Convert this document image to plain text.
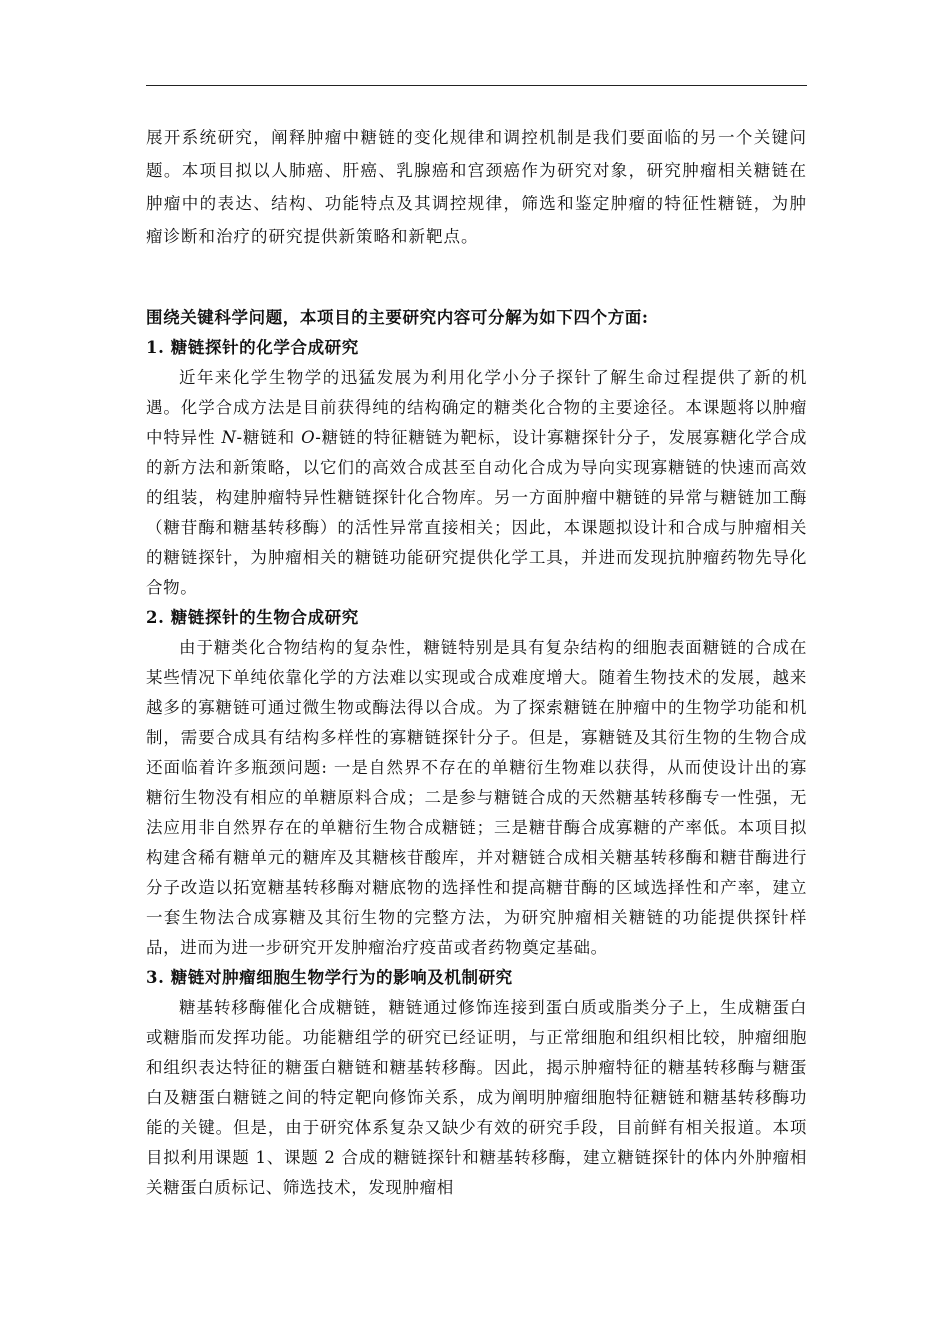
展开系统研究，阐释肿瘤中糖链的变化规律和调控机制是我们要面临的另一个关键问题。本项目拟以人肺癌、肝癌、乳腺癌和宫颈癌作为研究对象，研究肿瘤相关糖链在肿瘤中的表达、结构、功能特点及其调控规律，筛选和鉴定肿瘤的特征性糖链，为肿瘤诊断和治疗的研究提供新策略和新靶点。

围绕关键科学问题，本项目的主要研究内容可分解为如下四个方面:

1. 糖链探针的化学合成研究

近年来化学生物学的迅猛发展为利用化学小分子探针了解生命过程提供了新的机遇。化学合成方法是目前获得纯的结构确定的糖类化合物的主要途径。本课题将以肿瘤中特异性 N-糖链和 O-糖链的特征糖链为靶标，设计寡糖探针分子，发展寡糖化学合成的新方法和新策略，以它们的高效合成甚至自动化合成为导向实现寡糖链的快速而高效的组装，构建肿瘤特异性糖链探针化合物库。另一方面肿瘤中糖链的异常与糖链加工酶（糖苷酶和糖基转移酶）的活性异常直接相关；因此，本课题拟设计和合成与肿瘤相关的糖链探针，为肿瘤相关的糖链功能研究提供化学工具，并进而发现抗肿瘤药物先导化合物。

2. 糖链探针的生物合成研究

由于糖类化合物结构的复杂性，糖链特别是具有复杂结构的细胞表面糖链的合成在某些情况下单纯依靠化学的方法难以实现或合成难度增大。随着生物技术的发展，越来越多的寡糖链可通过微生物或酶法得以合成。为了探索糖链在肿瘤中的生物学功能和机制，需要合成具有结构多样性的寡糖链探针分子。但是，寡糖链及其衍生物的生物合成还面临着许多瓶颈问题: 一是自然界不存在的单糖衍生物难以获得，从而使设计出的寡糖衍生物没有相应的单糖原料合成；二是参与糖链合成的天然糖基转移酶专一性强，无法应用非自然界存在的单糖衍生物合成糖链；三是糖苷酶合成寡糖的产率低。本项目拟构建含稀有糖单元的糖库及其糖核苷酸库，并对糖链合成相关糖基转移酶和糖苷酶进行分子改造以拓宽糖基转移酶对糖底物的选择性和提高糖苷酶的区域选择性和产率，建立一套生物法合成寡糖及其衍生物的完整方法，为研究肿瘤相关糖链的功能提供探针样品，进而为进一步研究开发肿瘤治疗疫苗或者药物奠定基础。

3. 糖链对肿瘤细胞生物学行为的影响及机制研究

糖基转移酶催化合成糖链，糖链通过修饰连接到蛋白质或脂类分子上，生成糖蛋白或糖脂而发挥功能。功能糖组学的研究已经证明，与正常细胞和组织相比较，肿瘤细胞和组织表达特征的糖蛋白糖链和糖基转移酶。因此，揭示肿瘤特征的糖基转移酶与糖蛋白及糖蛋白糖链之间的特定靶向修饰关系，成为阐明肿瘤细胞特征糖链和糖基转移酶功能的关键。但是，由于研究体系复杂又缺少有效的研究手段，目前鲜有相关报道。本项目拟利用课题 1、课题 2 合成的糖链探针和糖基转移酶，建立糖链探针的体内外肿瘤相关糖蛋白质标记、筛选技术，发现肿瘤相
